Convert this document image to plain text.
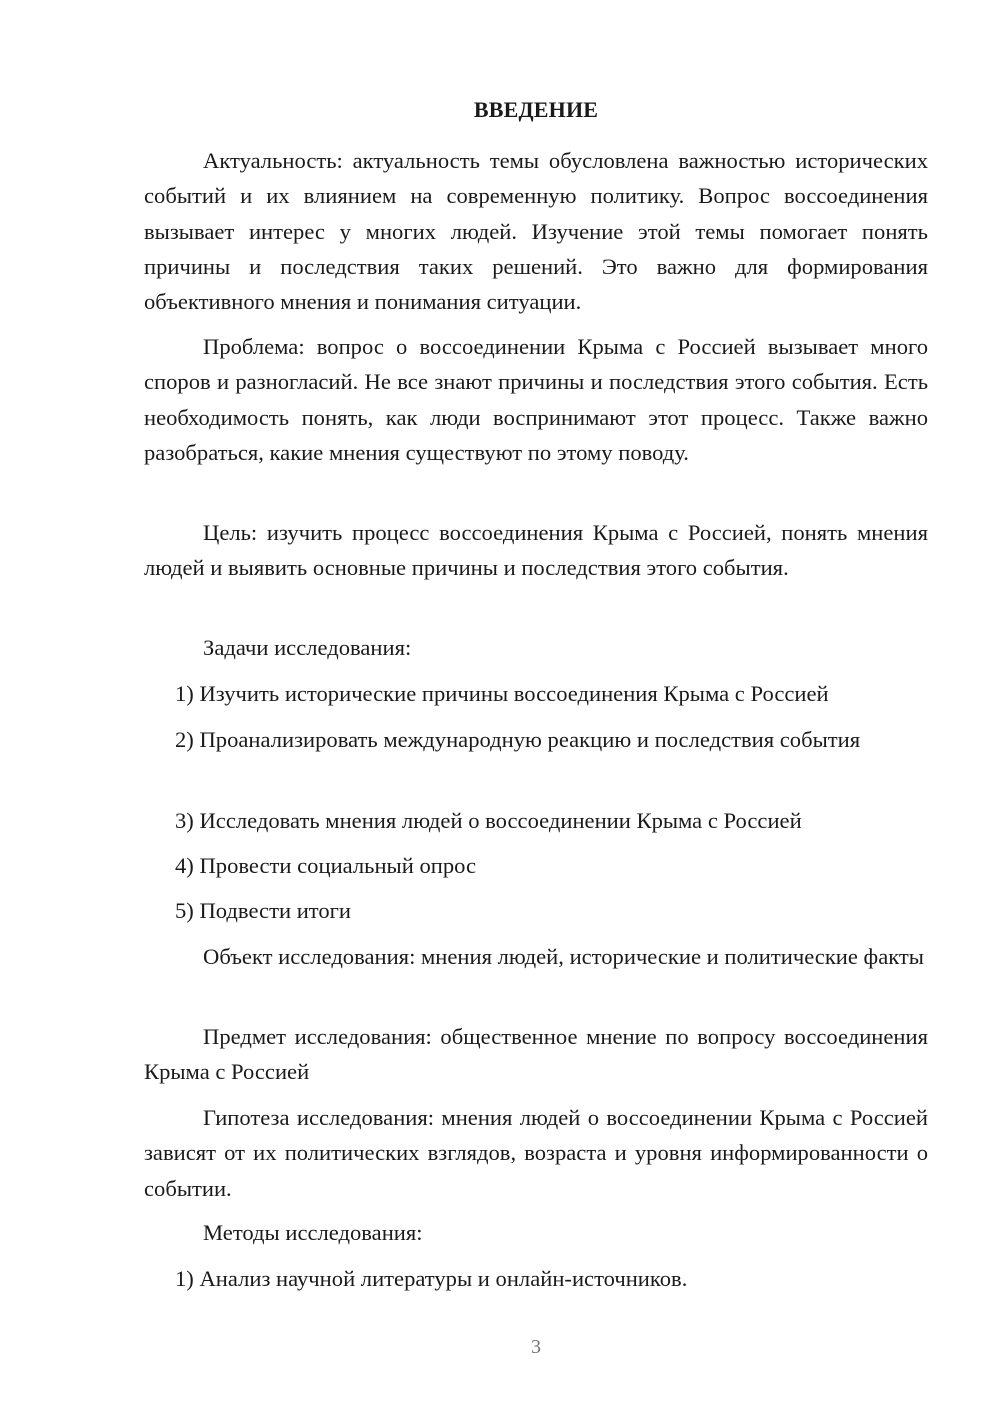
ВВЕДЕНИЕ

Актуальность: актуальность темы обусловлена важностью исторических событий и их влиянием на современную политику. Вопрос воссоединения вызывает интерес у многих людей. Изучение этой темы помогает понять причины и последствия таких решений. Это важно для формирования объективного мнения и понимания ситуации.

Проблема: вопрос о воссоединении Крыма с Россией вызывает много споров и разногласий. Не все знают причины и последствия этого события. Есть необходимость понять, как люди воспринимают этот процесс. Также важно разобраться, какие мнения существуют по этому поводу.

Цель: изучить процесс воссоединения Крыма с Россией, понять мнения людей и выявить основные причины и последствия этого события.

Задачи исследования:

1) Изучить исторические причины воссоединения Крыма с Россией

2) Проанализировать международную реакцию и последствия события

3) Исследовать мнения людей о воссоединении Крыма с Россией

4) Провести социальный опрос

5) Подвести итоги

Объект исследования: мнения людей, исторические и политические факты

Предмет исследования: общественное мнение по вопросу воссоединения Крыма с Россией

Гипотеза исследования: мнения людей о воссоединении Крыма с Россией зависят от их политических взглядов, возраста и уровня информированности о событии.

Методы исследования:

1) Анализ научной литературы и онлайн-источников.

3
